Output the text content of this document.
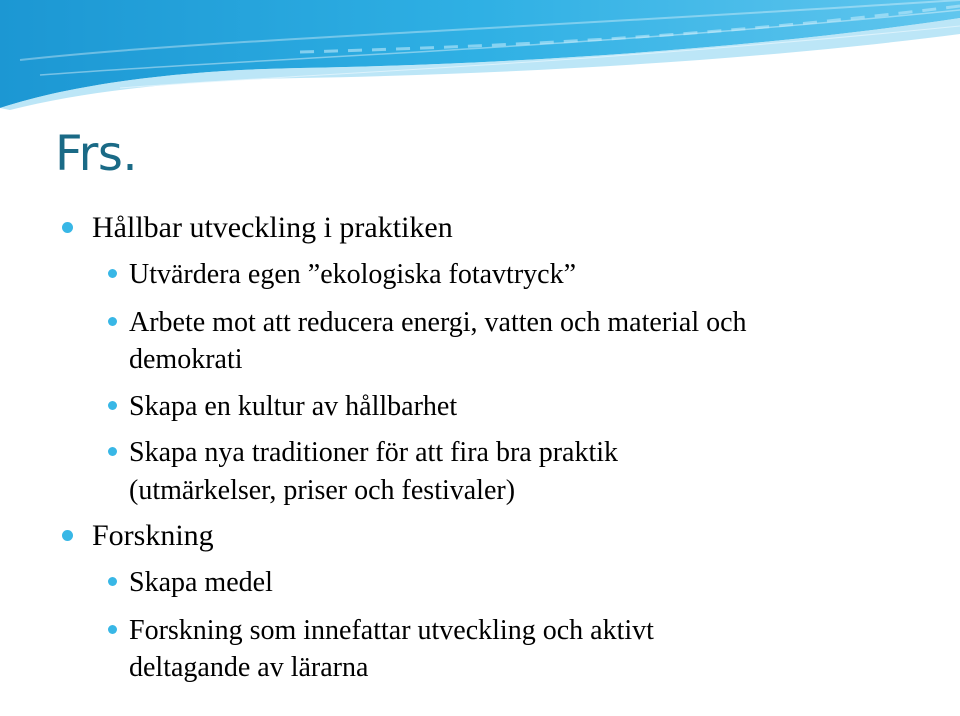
Frs.
Hållbar utveckling i praktiken
Utvärdera egen ”ekologiska fotavtryck”
Arbete mot att reducera energi, vatten och material och
demokrati
Skapa en kultur av hållbarhet
Skapa nya traditioner för att fira bra praktik
(utmärkelser, priser och festivaler)
Forskning
Skapa medel
Forskning som innefattar utveckling och aktivt
deltagande av lärarna
